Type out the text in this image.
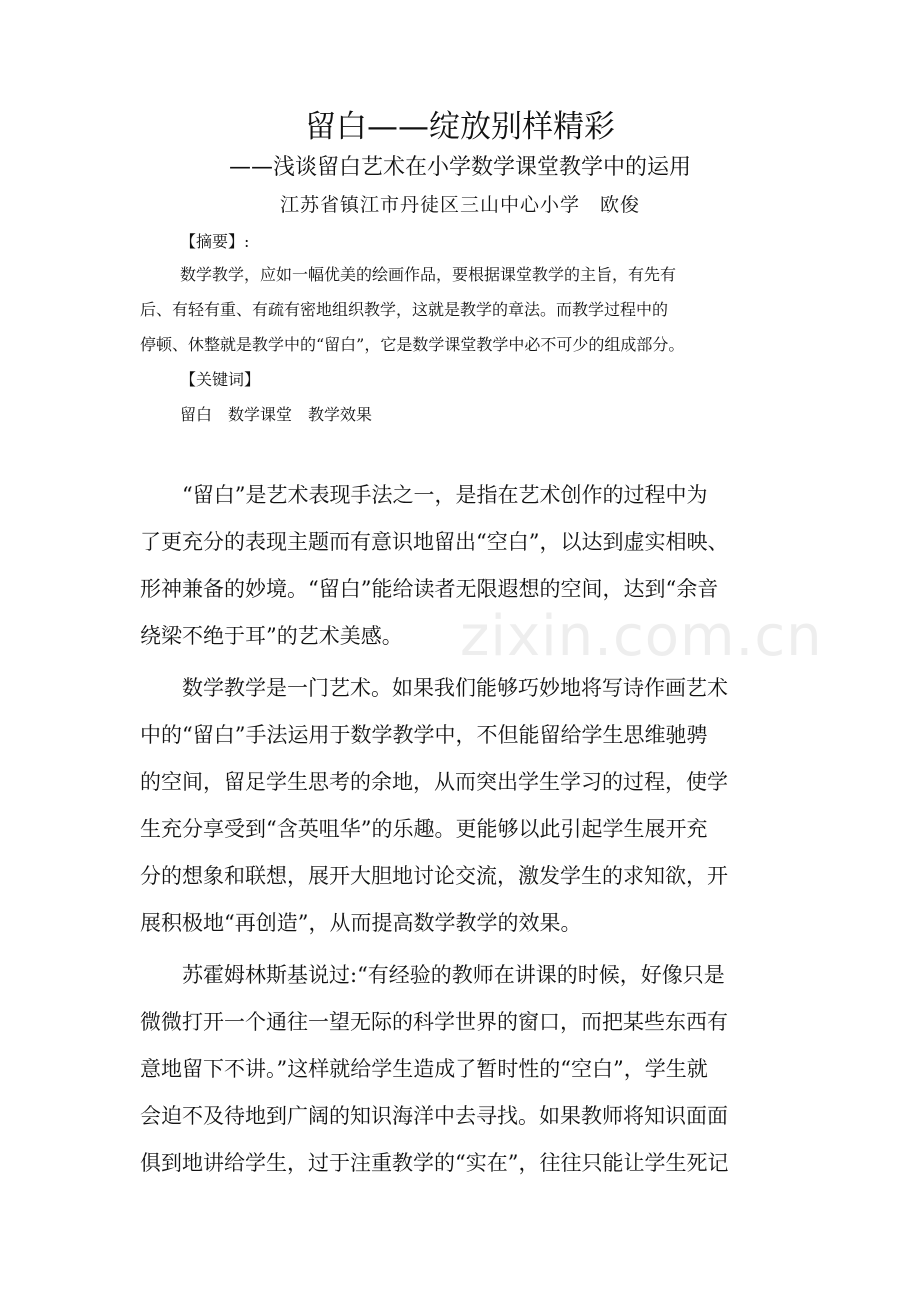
留白——绽放别样精彩
——浅谈留白艺术在小学数学课堂教学中的运用
江苏省镇江市丹徒区三山中心小学　欧俊
【摘要】:
数学教学，应如一幅优美的绘画作品，要根据课堂教学的主旨，有先有
后、有轻有重、有疏有密地组织教学，这就是教学的章法。而教学过程中的
停顿、休整就是教学中的“留白”，它是数学课堂教学中必不可少的组成部分。
【关键词】
留白　数学课堂　教学效果
“留白”是艺术表现手法之一，是指在艺术创作的过程中为
了更充分的表现主题而有意识地留出“空白”，以达到虚实相映、
形神兼备的妙境。“留白”能给读者无限遐想的空间，达到“余音
绕梁不绝于耳”的艺术美感。
数学教学是一门艺术。如果我们能够巧妙地将写诗作画艺术
中的“留白”手法运用于数学教学中，不但能留给学生思维驰骋
的空间，留足学生思考的余地，从而突出学生学习的过程，使学
生充分享受到“含英咀华”的乐趣。更能够以此引起学生展开充
分的想象和联想，展开大胆地讨论交流，激发学生的求知欲，开
展积极地“再创造”，从而提高数学教学的效果。
苏霍姆林斯基说过:“有经验的教师在讲课的时候，好像只是
微微打开一个通往一望无际的科学世界的窗口，而把某些东西有
意地留下不讲。”这样就给学生造成了暂时性的“空白”，学生就
会迫不及待地到广阔的知识海洋中去寻找。如果教师将知识面面
俱到地讲给学生，过于注重教学的“实在”，往往只能让学生死记
zixin.com.cn
